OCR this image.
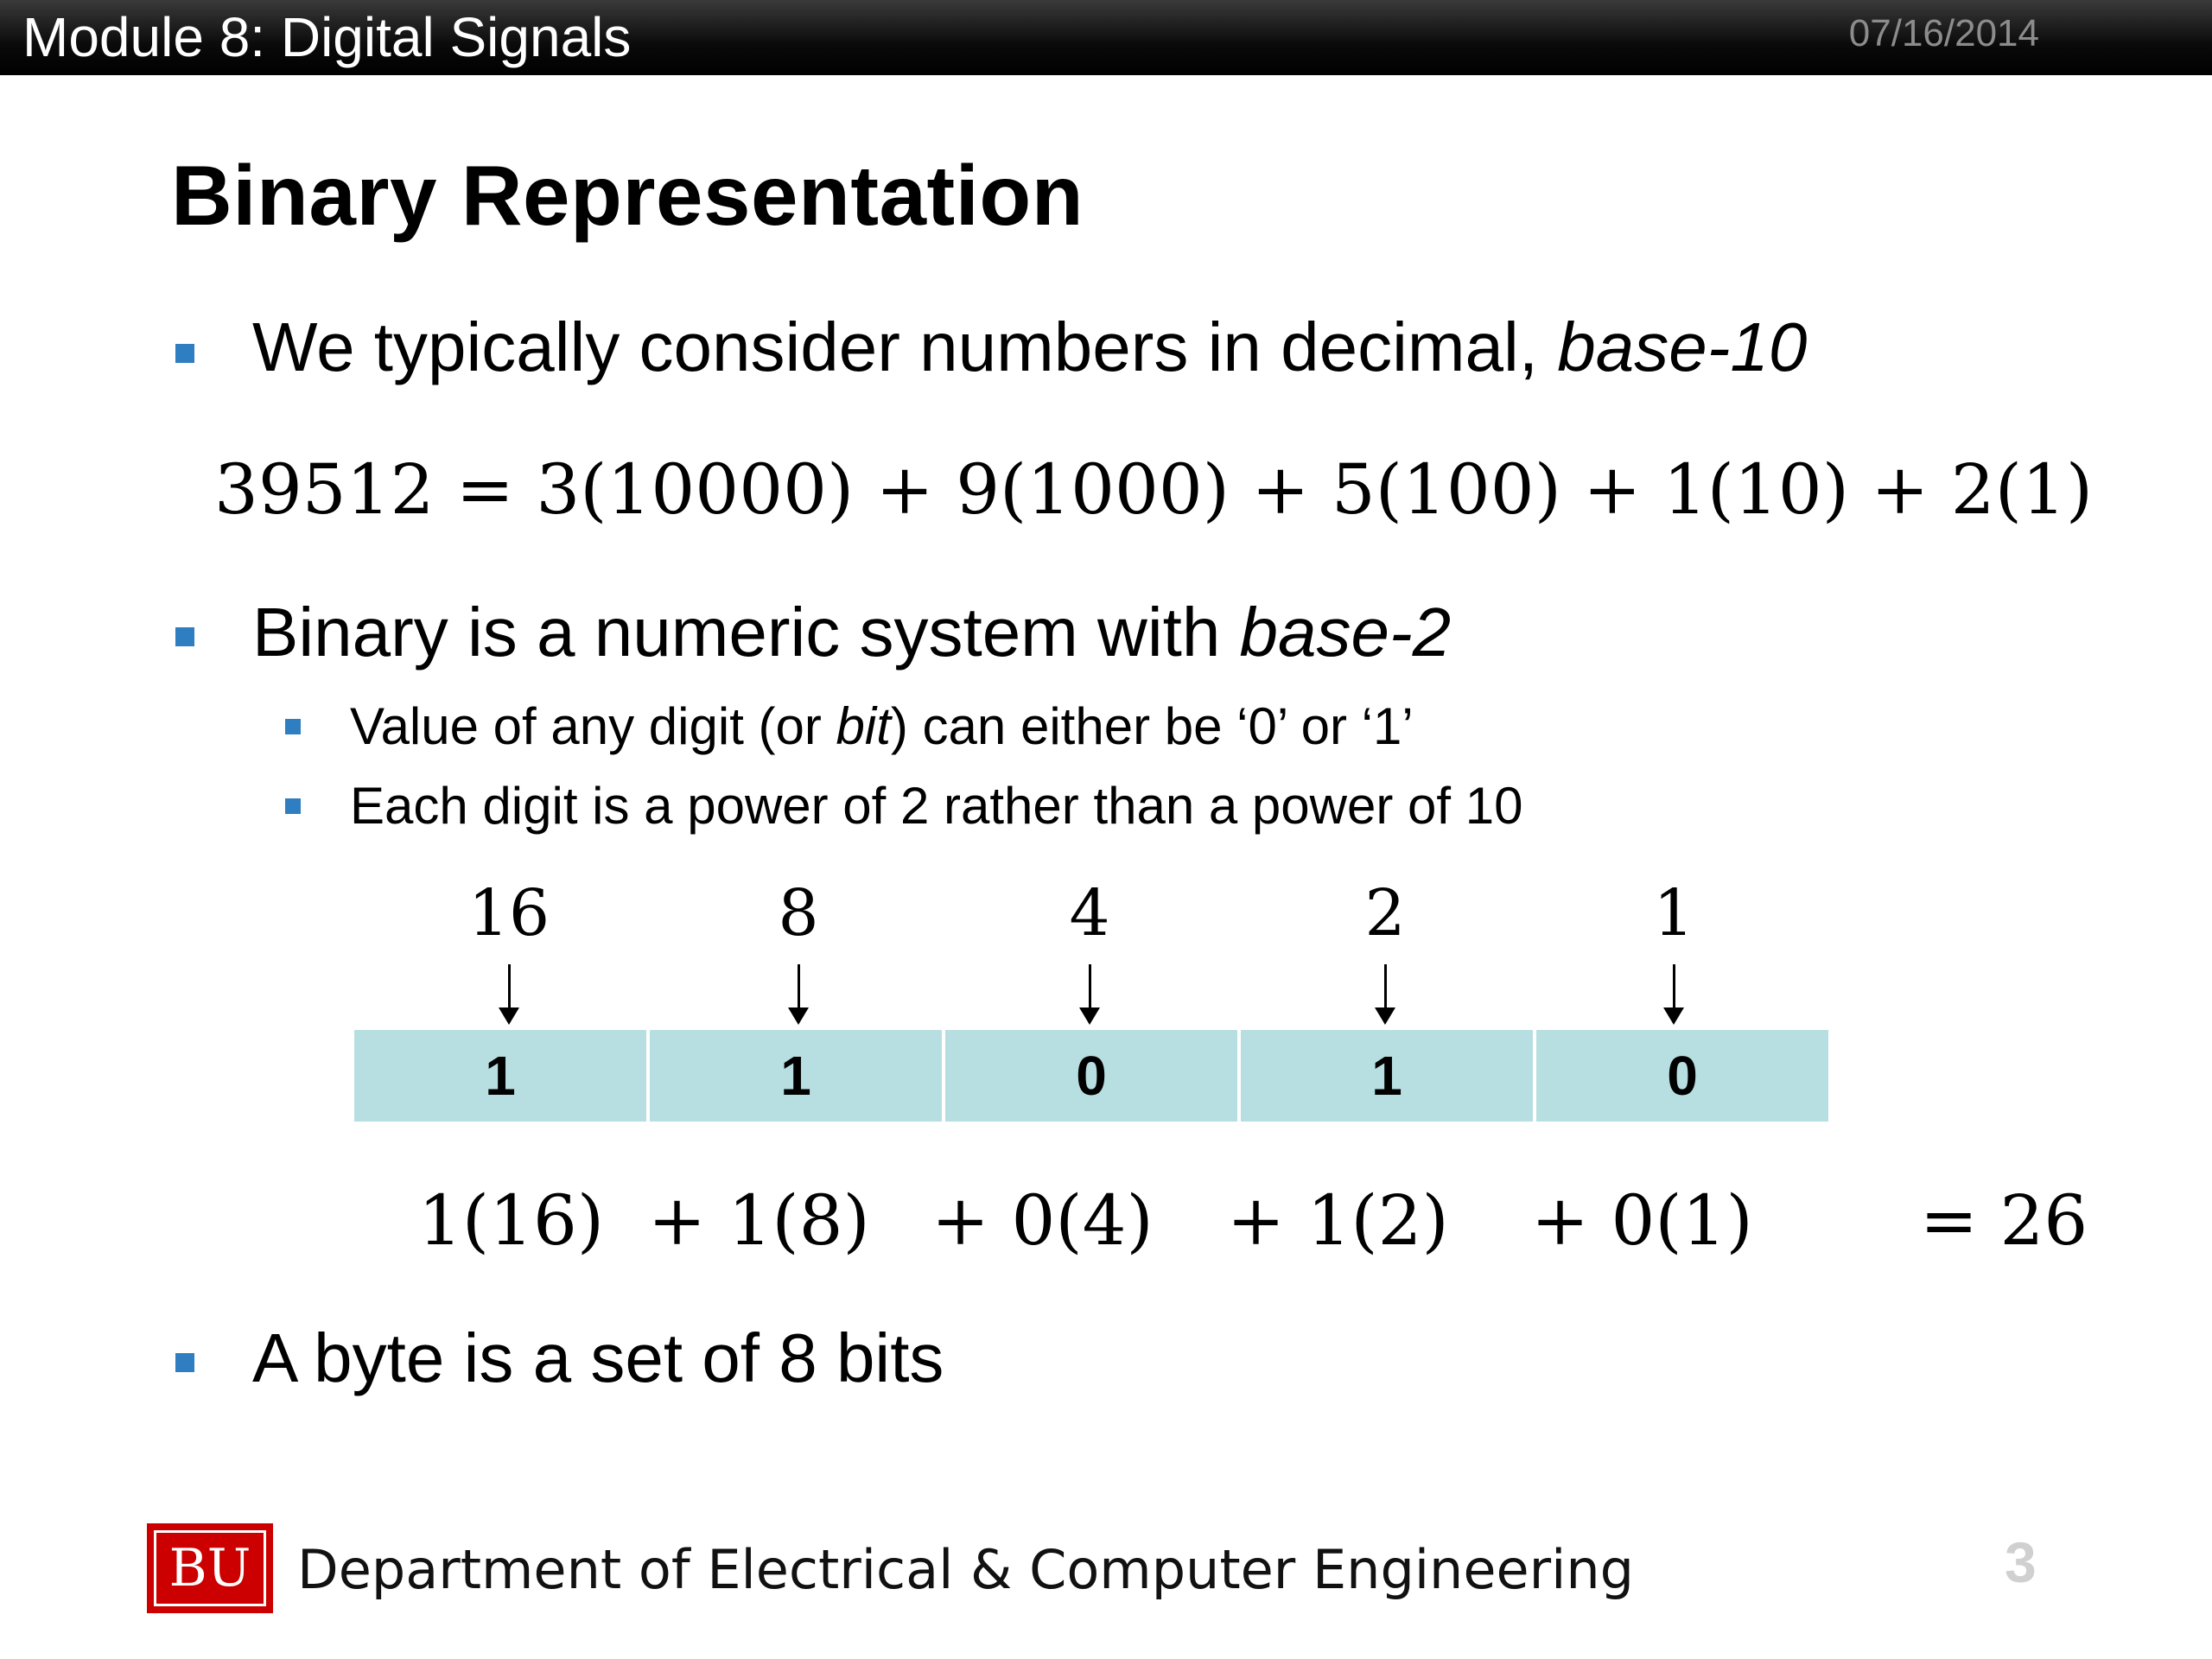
Module 8: Digital Signals	07/16/2014
Binary Representation
We typically consider numbers in decimal, base-10
39512 = 3(10000) + 9(1000) + 5(100) + 1(10) + 2(1)
Binary is a numeric system with base-2
Value of any digit (or bit) can either be ‘0’ or ‘1’
Each digit is a power of 2 rather than a power of 10
16	8	4	2	1
1	1	0	1	0
1(16) + 1(8) + 0(4) + 1(2) + 0(1) = 26
A byte is a set of 8 bits
BU Department of Electrical & Computer Engineering	3
